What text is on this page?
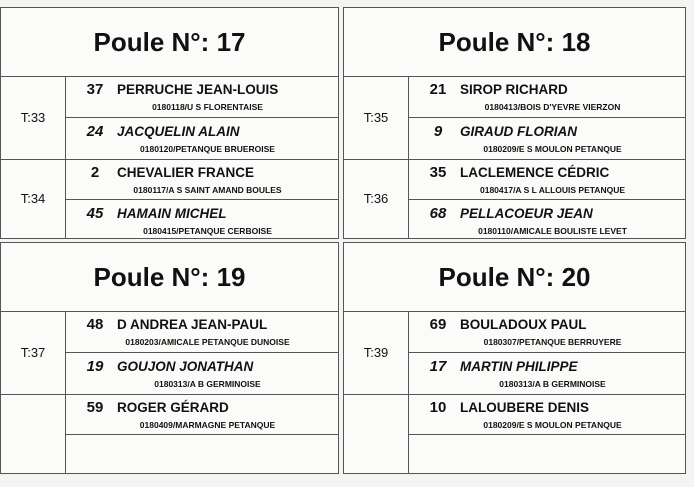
Poule N°: 17
T:33
37	PERRUCHE JEAN-LOUIS
0180118/U S FLORENTAISE
24	JACQUELIN ALAIN
0180120/PETANQUE BRUEROISE
T:34
2	CHEVALIER FRANCE
0180117/A S SAINT AMAND BOULES
45	HAMAIN MICHEL
0180415/PETANQUE CERBOISE
Poule N°: 18
T:35
21	SIROP RICHARD
0180413/BOIS D'YEVRE VIERZON
9	GIRAUD FLORIAN
0180209/E S MOULON PETANQUE
T:36
35	LACLEMENCE CÉDRIC
0180417/A S L ALLOUIS PETANQUE
68	PELLACOEUR JEAN
0180110/AMICALE BOULISTE LEVET
Poule N°: 19
T:37
48	D ANDREA JEAN-PAUL
0180203/AMICALE PETANQUE DUNOISE
19	GOUJON JONATHAN
0180313/A B GERMINOISE
59	ROGER GÉRARD
0180409/MARMAGNE PETANQUE
Poule N°: 20
T:39
69	BOULADOUX PAUL
0180307/PETANQUE BERRUYERE
17	MARTIN PHILIPPE
0180313/A B GERMINOISE
10	LALOUBERE DENIS
0180209/E S MOULON PETANQUE
